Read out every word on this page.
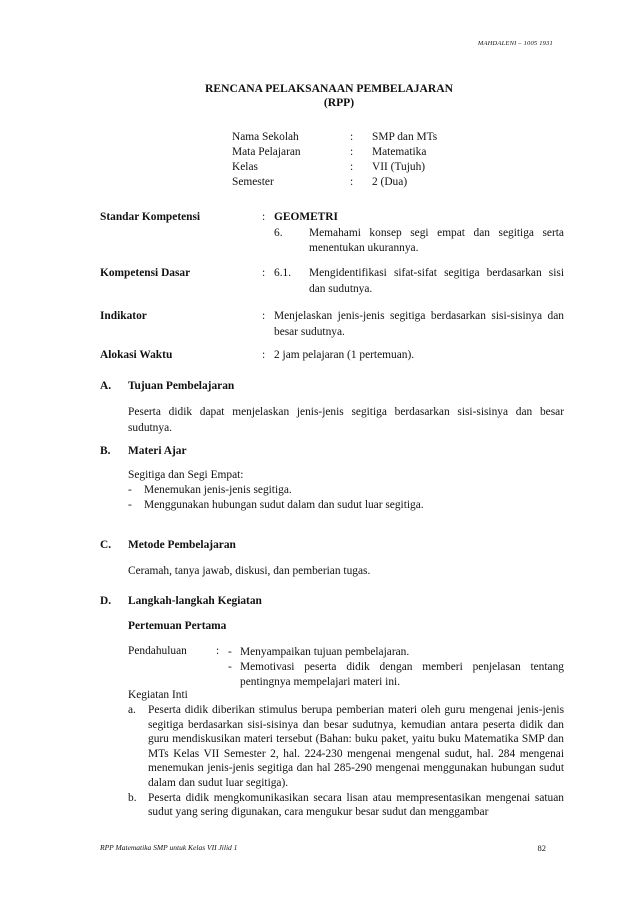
MAHDALENI – 1005 1931
RENCANA PELAKSANAAN PEMBELAJARAN
(RPP)
Nama Sekolah	: SMP dan MTs
Mata Pelajaran	: Matematika
Kelas	: VII (Tujuh)
Semester	: 2 (Dua)
Standar Kompetensi	: GEOMETRI
6.	Memahami konsep segi empat dan segitiga serta menentukan ukurannya.
Kompetensi Dasar	: 6.1.	Mengidentifikasi sifat-sifat segitiga berdasarkan sisi dan sudutnya.
Indikator	: Menjelaskan jenis-jenis segitiga berdasarkan sisi-sisinya dan besar sudutnya.
Alokasi Waktu	: 2 jam pelajaran (1 pertemuan).
A. Tujuan Pembelajaran
Peserta didik dapat menjelaskan jenis-jenis segitiga berdasarkan sisi-sisinya dan besar sudutnya.
B. Materi Ajar
Segitiga dan Segi Empat:
- Menemukan jenis-jenis segitiga.
- Menggunakan hubungan sudut dalam dan sudut luar segitiga.
C. Metode Pembelajaran
Ceramah, tanya jawab, diskusi, dan pemberian tugas.
D. Langkah-langkah Kegiatan
Pertemuan Pertama
Pendahuluan	: - Menyampaikan tujuan pembelajaran.
- Memotivasi peserta didik dengan memberi penjelasan tentang pentingnya mempelajari materi ini.
Kegiatan Inti
a.	Peserta didik diberikan stimulus berupa pemberian materi oleh guru mengenai jenis-jenis segitiga berdasarkan sisi-sisinya dan besar sudutnya, kemudian antara peserta didik dan guru mendiskusikan materi tersebut (Bahan: buku paket, yaitu buku Matematika SMP dan MTs Kelas VII Semester 2, hal. 224-230 mengenai mengenal sudut, hal. 284 mengenai menemukan jenis-jenis segitiga dan hal 285-290 mengenai menggunakan hubungan sudut dalam dan sudut luar segitiga).
b.	Peserta didik mengkomunikasikan secara lisan atau mempresentasikan mengenai satuan sudut yang sering digunakan, cara mengukur besar sudut dan menggambar
RPP Matematika SMP untuk Kelas VII Jilid 1	82
